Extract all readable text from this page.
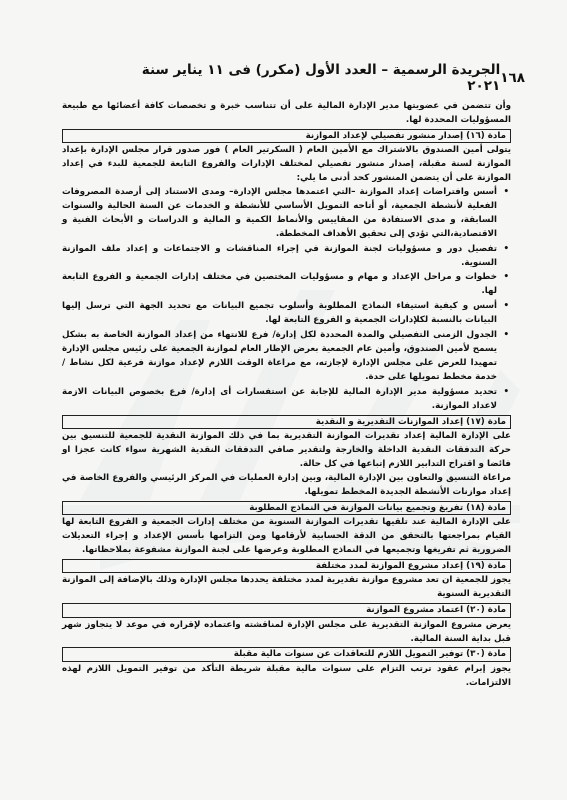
١٦٨
الجريدة الرسمية – العدد الأول (مكرر) فى ١١ يناير سنة ٢٠٢١

وأن تتضمن في عضويتها مدير الإدارة المالية على أن تتناسب خبرة و تخصصات كافة أعضائها مع طبيعة المسؤوليات المحددة لها.

مادة (١٦) إصدار منشور تفصيلي لإعداد الموازنة

يتولى أمين الصندوق بالاشتراك مع الأمين العام ( السكرتير العام ) فور صدور قرار مجلس الإدارة بإعداد الموازنة لسنة مقبلة، إصدار منشور تفصيلي لمختلف الإدارات والفروع التابعة للجمعية للبدء في إعداد الموازنة على أن يتضمن المنشور كحد أدنى ما يلي:

• أسس وافتراضات إعداد الموازنة –التي اعتمدها مجلس الإدارة– ومدى الاستناد إلى أرصدة المصروفات الفعلية لأنشطة الجمعية، أو أتاحه التمويل الأساسي للأنشطة و الخدمات عن السنة الحالية والسنوات السابقة، و مدى الاستفادة من المقاييس والأنماط الكمية و المالية و الدراسات و الأبحاث الفنية و الاقتصادية،التي تؤدي إلى تحقيق الأهداف المخططة.
• تفصيل دور و مسؤوليات لجنة الموازنة في إجراء المناقشات و الاجتماعات و إعداد ملف الموازنة السنوية.
• خطوات و مراحل الإعداد و مهام و مسؤوليات المختصين في مختلف إدارات الجمعية و الفروع التابعة لها.
• أسس و كيفية استيفاء النماذج المطلوبة وأسلوب تجميع البيانات مع تحديد الجهة التي ترسل إليها البيانات بالنسبة لكلإدارات الجمعية و الفروع التابعة لها.
• الجدول الزمنى التفصيلي والمدة المحددة لكل إدارة/ فرع للانتهاء من إعداد الموازنة الخاصة به بشكل يسمح لأمين الصندوق، وأمين عام الجمعية بعرض الإطار العام لموازنة الجمعية على رئيس مجلس الإدارة تمهيدا للعرض على مجلس الإدارة لإجازته، مع مراعاة الوقت اللازم لإعداد موازنة فرعية لكل نشاط / خدمة مخطط تمويلها على حدة.
• تحديد مسؤولية مدير الإدارة المالية للإجابة عن استفسارات أى إدارة/ فرع بخصوص البيانات الازمة لاعداد الموازنة.
مادة (١٧) إعداد الموازنات التقديرية و النقدية

على الإدارة المالية إعداد تقديرات الموازنة التقديرية بما في ذلك الموازنة النقدية للجمعية للتنسيق بين حركة التدفقات النقدية الداخلة والخارجة ولتقدير صافي التدفقات النقدية الشهرية سواء كانت عجزا او فائضا و اقتراح التدابير اللازم إتباعها في كل حالة.

مراعاة التنسيق والتعاون بين الإدارة المالية، وبين إدارة العمليات في المركز الرئيسي والفروع الخاصة في إعداد موازنات الأنشطة الجديدة المخطط تمويلها.

مادة (١٨) تفريغ وتجميع بيانات الموازنة في النماذج المطلوبة

على الإدارة المالية عند تلقيها تقديرات الموازنة السنوية من مختلف إدارات الجمعية و الفروع التابعة لها القيام بمراجعتها بالتحقق من الدقة الحسابية لأرقامها ومن التزامها بأسس الإعداد و إجراء التعديلات الضرورية ثم تفريغها وتجميعها في النماذج المطلوبة وعرضها على لجنة الموازنة مشفوعة بملاحظاتها.

مادة (١٩) إعداد مشروع الموازنة لمدد مختلفة

يجوز للجمعية ان تعد مشروع موازنة تقديرية لمدد مختلفة يحددها مجلس الإدارة وذلك بالإضافة إلى الموازنة التقديرية السنوية

مادة (٢٠) اعتماد مشروع الموازنة

يعرض مشروع الموازنة التقديرية على مجلس الإدارة لمناقشته واعتماده لإقراره في موعد لا يتجاوز شهر قبل بداية السنة المالية.

مادة (٣٠) توفير التمويل اللازم للتعاقدات عن سنوات مالية مقبلة

يجوز إبرام عقود ترتب التزام على سنوات مالية مقبلة شريطة التأكد من توفير التمويل اللازم لهذه الالتزامات.
